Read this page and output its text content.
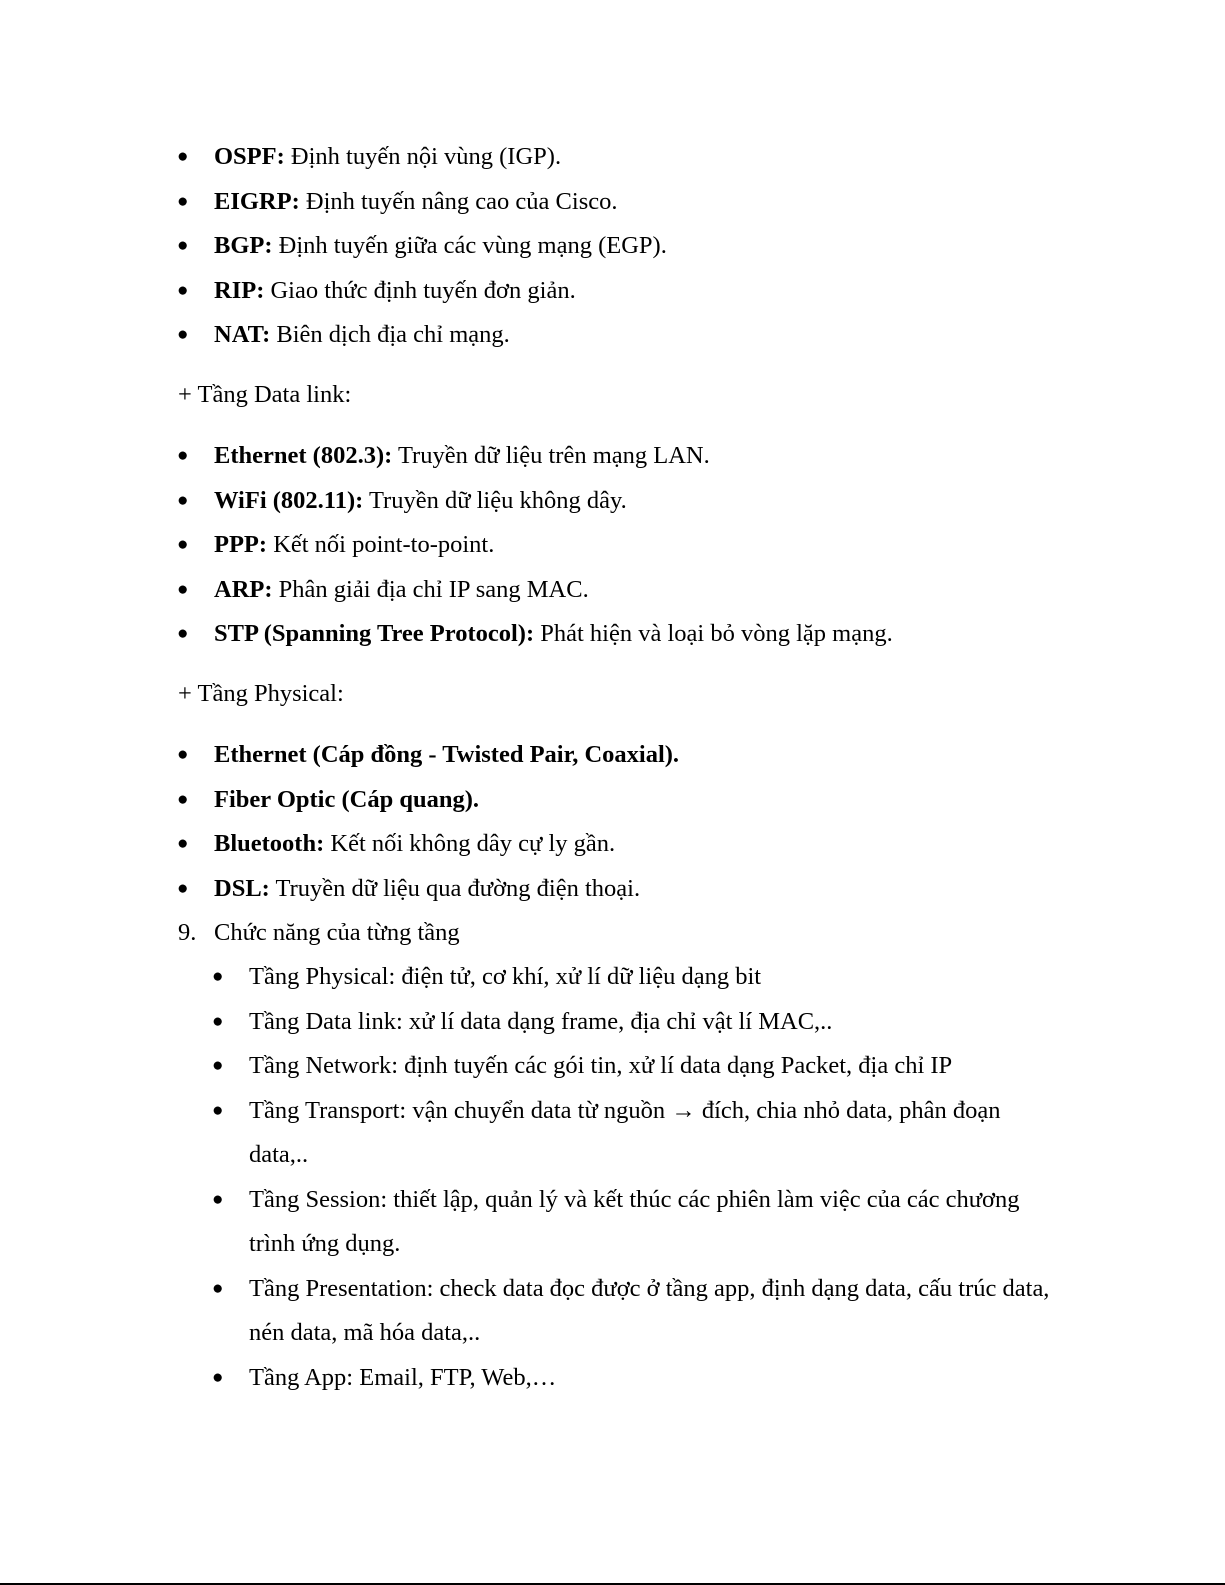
● OSPF: Định tuyến nội vùng (IGP).
● EIGRP: Định tuyến nâng cao của Cisco.
● BGP: Định tuyến giữa các vùng mạng (EGP).
● RIP: Giao thức định tuyến đơn giản.
● NAT: Biên dịch địa chỉ mạng.
+ Tầng Data link:
● Ethernet (802.3): Truyền dữ liệu trên mạng LAN.
● WiFi (802.11): Truyền dữ liệu không dây.
● PPP: Kết nối point-to-point.
● ARP: Phân giải địa chỉ IP sang MAC.
● STP (Spanning Tree Protocol): Phát hiện và loại bỏ vòng lặp mạng.
+ Tầng Physical:
● Ethernet (Cáp đồng - Twisted Pair, Coaxial).
● Fiber Optic (Cáp quang).
● Bluetooth: Kết nối không dây cự ly gần.
● DSL: Truyền dữ liệu qua đường điện thoại.
9. Chức năng của từng tầng
● Tầng Physical: điện tử, cơ khí, xử lí dữ liệu dạng bit
● Tầng Data link: xử lí data dạng frame, địa chỉ vật lí MAC,..
● Tầng Network: định tuyến các gói tin, xử lí data dạng Packet, địa chỉ IP
● Tầng Transport: vận chuyển data từ nguồn → đích, chia nhỏ data, phân đoạn data,..
● Tầng Session: thiết lập, quản lý và kết thúc các phiên làm việc của các chương trình ứng dụng.
● Tầng Presentation: check data đọc được ở tầng app, định dạng data, cấu trúc data, nén data, mã hóa data,..
● Tầng App: Email, FTP, Web,…
